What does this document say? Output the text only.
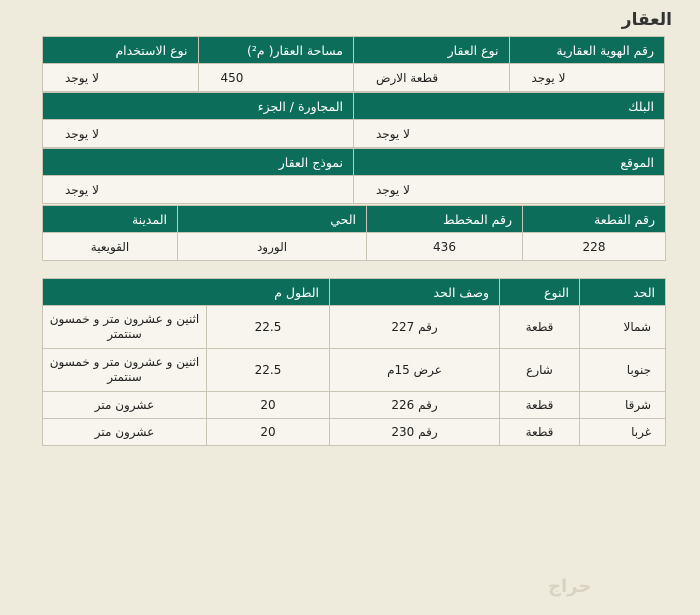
العقار
رقم الهوية العقارية	نوع العقار	مساحة العقار( م²)	نوع الاستخدام
لا يوجد	قطعة الارض	450	لا يوجد
البلك	المجاورة / الجزء
لا يوجد	لا يوجد
الموقع	نموذج العقار
لا يوجد	لا يوجد
رقم القطعة	رقم المخطط	الحي	المدينة
228	436	الورود	القويعية
الحد	النوع	وصف الحد	الطول م	
شمالا	قطعة	رقم 227	22.5	اثنين و عشرون متر و خمسون سنتمتر
جنوبا	شارع	عرض 15م	22.5	اثنين و عشرون متر و خمسون سنتمتر
شرقا	قطعة	رقم 226	20	عشرون متر
غربا	قطعة	رقم 230	20	عشرون متر
حراج
